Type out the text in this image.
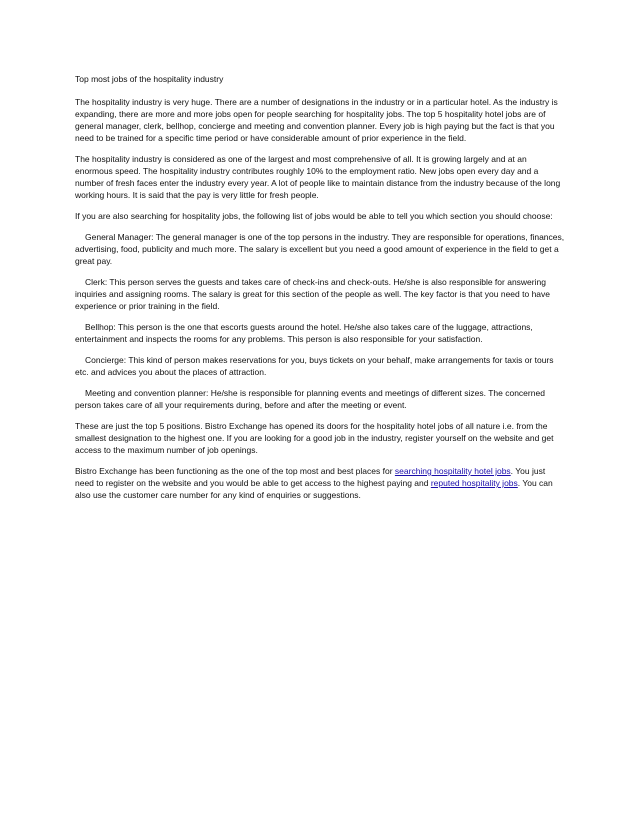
Top most jobs of the hospitality industry

The hospitality industry is very huge. There are a number of designations in the industry or in a particular hotel. As the industry is expanding, there are more and more jobs open for people searching for hospitality jobs. The top 5 hospitality hotel jobs are of general manager, clerk, bellhop, concierge and meeting and convention planner. Every job is high paying but the fact is that you need to be trained for a specific time period or have considerable amount of prior experience in the field.

The hospitality industry is considered as one of the largest and most comprehensive of all. It is growing largely and at an enormous speed. The hospitality industry contributes roughly 10% to the employment ratio. New jobs open every day and a number of fresh faces enter the industry every year. A lot of people like to maintain distance from the industry because of the long working hours. It is said that the pay is very little for fresh people.

If you are also searching for hospitality jobs, the following list of jobs would be able to tell you which section you should choose:

General Manager: The general manager is one of the top persons in the industry. They are responsible for operations, finances, advertising, food, publicity and much more. The salary is excellent but you need a good amount of experience in the field to get a great pay.

Clerk: This person serves the guests and takes care of check-ins and check-outs. He/she is also responsible for answering inquiries and assigning rooms. The salary is great for this section of the people as well. The key factor is that you need to have experience or prior training in the field.

Bellhop: This person is the one that escorts guests around the hotel. He/she also takes care of the luggage, attractions, entertainment and inspects the rooms for any problems. This person is also responsible for your satisfaction.

Concierge: This kind of person makes reservations for you, buys tickets on your behalf, make arrangements for taxis or tours etc. and advices you about the places of attraction.

Meeting and convention planner: He/she is responsible for planning events and meetings of different sizes. The concerned person takes care of all your requirements during, before and after the meeting or event.

These are just the top 5 positions. Bistro Exchange has opened its doors for the hospitality hotel jobs of all nature i.e. from the smallest designation to the highest one. If you are looking for a good job in the industry, register yourself on the website and get access to the maximum number of job openings.

Bistro Exchange has been functioning as the one of the top most and best places for searching hospitality hotel jobs. You just need to register on the website and you would be able to get access to the highest paying and reputed hospitality jobs. You can also use the customer care number for any kind of enquiries or suggestions.
